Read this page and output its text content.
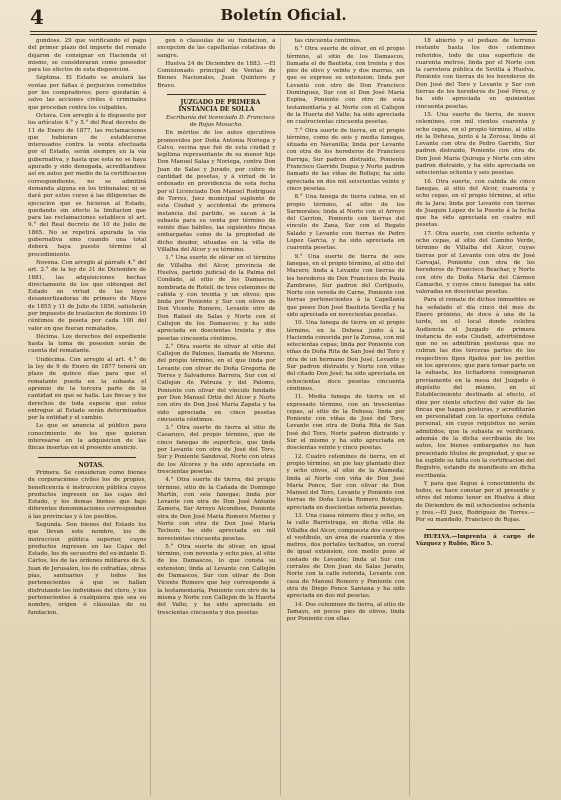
4	Boletín Oficial.

gundoss. 29 que verificando el pago del primer plazo del importe del remate dejaron de consignar en Hacienda el mismo, se consideraran como poseedor para los efectos de esta disposicion.

Séptima. El Estado se anulará las ventas por faltas ó perjuicios cometidos por los compradores; pero quedarán á salvo las acciones civiles ó criminales que procedan contra los culpables.

Octava. Con arreglo á lo dispuesto por los artículos 4.° y 5.° del Real decreto de 11 de Enero de 1877, las reclamaciones que hubieran de establecerse interesados contra la venta efectuada por el Estado, serán siempre en la vía gubernativa, y hasta que esta no se haya apurado y sido denegada, acreditandose así en autos por medio de la certificacion correspondiente, no se admitirá demanda alguna en los tribunales; ni se dará por estos curso á las diligencias de ejecucion que se hicieran al Estado, quedando sin efecto la limitacion que para las reclamaciones establece el art. 9.° del Real decreto de 10 de Julio de 1865. No se repetirá apurada la vía gubernativa sino cuando una total deberá haya puesto término al procedimiento.

Novena. Con arreglo al párrafo 4.° del art. 2.° de la ley de 31 de Diciembre de 1881, las adquisiciones hechas directamente de los que obtengan del Estado en virtud de las leyes desamortizadoras de primero de Mayo de 1855 y 11 de Julio de 1856, satisfarán por impuesto de traslacion de dominio 10 céntimos de peseta por cada 100 del valor en que fueran rematados.

Décima. Los derechos del expediente hasta la toma de posesion serán de cuenta del rematante.

Undécima. Con arreglo al art. 4.° de la ley de 9 de Enero de 1877 tenerá un plazo de quince días para que el rematante pueda en la subasta el apremio de la tercera parte de la cantidad en que se halla. Las fincas y los derechos de toda especie que estos entregue al Estado serán determinados por la entidad y el cambio.

Lo que se anuncia al público para conocimiento de los que quieran interesarse en la adquisicion de las fincas insertas en el presente anuncio.

NOTAS.

Primera. Se consideran como bienes de corporaciones civiles los de propios, beneficencia é instruccion pública cuyos productos ingresen en las cajas del Estado, y los demas bienes que bajo diferentes denominaciones corresponden á las provincias y á los pueblos.

Segunda. Son bienes del Estado los que llevan este nombre, los de instruccion pública superior, cuyos productos ingresen en las Cajas del Estado, los de secuestro del ex-infante D. Cárlos, los de las órdenes militares de S. Juan de Jerusalen, los de cofradías, obras pías, santuarios y todos los pertenecientes á que se hallan disfrutando los individuos del clero, y los pertenecientes á cualquiera que sea su nombre, origen ó cláusulas de su fundacion.

gen ó cláusulas de su fundacion, á excepcion de las capellanías colativas de sangre.

Huelva 24 de Diciembre de 1883. —El Comisionado principal de Ventas de Bienes Nacionales, Juan Quintero y Bravo.

JUZGADO DE PRIMERA INSTANCIA DE SOLLA

Escribanía del licenciado D. Francisco de Rojas Mosacho.

En méritos de los autos ejecutivos promovidos por Doña Antonia Noriega y Calvo, vecina que fué de esta ciudad y legítima representante de su menor hijo Don Manuel Salas y Noriega, contra Don Juan de Salas y Jurado, por cobro de cantidad de pesetas, y á virtud de lo ordenado en providencia de esta fecha por el Licenciado Don Manuel Rodriguez de Torres, Juez municipal suplente de esta Ciudad y accidental de primera instancia del partido, se sacan á la subasta para su venta por término de veinte días hábiles, las siguientes fincas embargadas como de la propiedad de dicho deudor, situadas en la villa de Villalba del Alcor y su término.

1.° Una suerte de olivar en el término de Villalba del Alcor, provincia de Huelva, partido judicial de la Palma del Condado, al sitio de los Damascos, nombrada de Rotell, de tres celemines de cabida y con treinta y un olivos; que linda por Poniente y Sur con olivos de Don Vicente Romero, Levante otro de Don Rafael de Salas y Norte con el Callejon de los Damascos; y ha sido apreciada en doscientas treinta y dos pesetas cincuenta céntimos.

2.° Otra suerte de olivar al sitio del Callejon de Palones, llamada de Moreno, del propio término, en el que linda por Levante con olivar de Doña Gregoria de Torres y Salvadores Barrera, Sur con el Callejon de Patruza y del Palomo, Poniente con olivar del vínculo fundado por Don Manuel Ortiz del Alcor y Norte con otro de Don José María Zapata y ha sido apreciada en cinco pesetas cincuenta céntimos.

3.° Otra suerte de tierra al sitio de Casaruyo, del propio término, que de cinco fanegas de superficie, que linda por Levante con otra de José del Toro, Sur y Poniente Sandoval, Norte con otras de los Alcores y ha sido apreciada en trescientas pesetas.

4.° Otra suerte de tierra, del propio término, sitio de la Cañada de Domingo Martin, con seis fanegas; linda por Levante con otra de Don José Antonio Zamora, Sur Arroyo Alcondose, Poniente otra de Don José María Romero Merino y Norte con otra de Don José María Tecleon; ha sido apreciada en mil novecientas cincuenta pesetas.

5.° Otra suerte de olivar, en igual término, con noventa y ocho pies, al sitio de los Damascos, lo que consta su extension; linda al Levante con Callejón de Damascos, Sur con olivar de Don Vicente Romero que hoy corresponde á la testamentaría, Poniente con otro de la misma y Norte con Callejon de la Huerta del Valle; y ha sido apreciada en trescientas cincuenta y dos pesetas

tas cincuenta céntimos.

6.° Otra suerte de olivar, en el propio término, al sitio de los Damascos, llamada el de Bautista, con treinta y dos pies de olivo y veinte y dos marras, sin que se exprese su extension; linda por Levante con otro de Don Francisco Dominguez, Sur con el Don José María Espina, Poniente con otro de esta testamentaría y al Norte con el Callejon de la Huerta del Valle; ha sido apreciada en cuatrocientas cincuenta pesetas.

7.° Otra suerte de tierra, en el propio término, como de seis y media fanegas, situada en Navanilla; linda por Levante con otra de los herederos de Francisco Barriga, Sur padron distraido, Poniente Francisco Garrido Duque y Norte padron llamado de las viñas de Rolleje; ha sido apreciada en dos mil seiscientas veinte y cinco pesetas.

8.° Una fanega de tierra calma, en el propio término, al sitio de los Sarmorales; linda al Norte con el Arroyo del Carrion, Poniente con tierras del vínculo de Zana, Sur con el Regato Salado y Levante con tierras de Pedro Lopez Garcia, y ha sido apreciada en cuarenta pesetas.

9.° Una suerte de tierra de seis fanegas, en el propio término, al sitio del Macero; linda á Levante con tierras de los herederos de Don Francisco de Paula Zambrano, Sur padron del Cortijuelo, Norte con vereda de Carne, Poniente con tierras pertenecientes á la Capellanía que posee Don José Bautista Sevilla y ha sido apreciada en novecientas pesetas.

10. Una fanega de tierra en el propio término, en la Dehesa junto á la Hacienda conocida por la Zorosa, con mil setecientas cepas; linda por Poniente con viñas de Doña Rita de San José del Toro y otra de un hermano Don José, Levante y Sur padron distraido y Norte con viñas del citado Don José; ha sido apreciada en ochocientas doce pesetas cincuenta céntimos.

11. Media fanega de tierra en el expresado término, con un trescientas cepas, al sitio de la Dehesa; linda por Poniente con viñas de José del Toro, Levante con otra de Doña Rita de San José del Toro, Norte padron distraido y Sur el mismo y ha sido apreciada en doscientas veinte y cinco pesetas.

12. Cuatro celemines de tierra, en el propio término, en pie hay plantado diez y ocho olivos, al sitio de la Alameda; linda al Norte con viña de Don José María Ponce, Sur con olivar de Don Manuel del Toro, Levante y Poniente con tierras de Doña Lucía Romero Botejon, apreciada en doscientas setenta pesetas.

13. Una cuasa número diez y ocho, en la calle Barristraga, en dicha villa de Villalba del Alcor, compuesta dos cuerpos el vestíbulo, un área de cuarenta y dos metros, dos portales techados, un corral de igual extension, con medio pozo al costado de Levante; linda al Sur con corrales de Don Juan de Salas Jurado, Norte con la calle referida, Levante con casa de Manuel Romero y Poniente con otra de Diego Ponce Santana y ha sido apreciada en dos mil pesetas.

14. Dos celemines de tierra, al sitio de Tamayo, en pocos pies de olivos; linda por Poniente con ellas

18 abierto y el pedazo de terreno restante hasta los dos celemines referidos, todo de una superficie de cuarenta metros; linda por el Norte con la carretera pública de Sevilla á Huelva, Poniente con tierras de los herederos de Don José del Toro y Levante y Sur con tierras de los herederos de José Pérez, y ha sido apreciada en quinientas cincuenta pesetas.

15. Una suerte de tierra, de nueve celemines, con mil cientos cuarenta y ocho cepas, en el propio término, al sitio de la Dehesa, junto á la Zorosa; linda al Levante con otra de Pedro Garrido, Sur padron distraido, Poniente con otra de Don José María Quiroga y Norte con otro padron distraido, y ha sido apreciada en setecientas ochenta y seis pesetas.

16. Otra suerte, con cabida de cinco fanegas, al sitio del Alcor, cuarenta y ocho cepas, en el propio término, al sitio de la Jara; linda por Levante con tierras de Joaquin Lopez de la Puente á la fecha que ha sido apreciada en cuatro mil pesetas.

17. Otra suerte, con ciento ochenta y ocho cepas, al sitio del Camino Verde, término de Villalba del Alcor, cuyas tierras por el Levante con otra de José Carvajal, Poniente con otra de los herederos de Francisco Beachar, y Norte con otro de Doña María del Cármen Camacho, y cuyos cinco fanegas ha sido valoradas en doscientas pesetas.

Para el remate de dichos inmuebles se ha señalado el día cinco del mes de Enero próximo, de doce á una de la tarde, en el local donde celebra Audiencia el Juzgado de primera instancia de esta Ciudad, advirtiéndose que no se admitirán posturas que no cubran las dos terceras partes de los respectivos tipos fijados por los peritos en los apreceos; que para tomar parte en la subasta, los licitadores consignaran previamente en la mesa del Juzgado ó depósito del mismo, en el Establecimiento destinado al efecto, el diez por ciento efectivo del valor de las fincas que hagan posturas, y acreditarán en personalidad con la oportuna cédula personal, sin cuyos requisitos no serán admitidos; que la subasta se verificará, además de la dicha escribanía de los autos, los bienes embargados no han presentado títulos de propiedad, y que se ha suplido su falta con la certificacion del Registro, estando de manifiesto en dicha escribanía.

Y para que llegue á conocimiento de todos, se hace constar por el presente y otros del mismo tenor en Huelva á diez de Diciembre de mil ochocientos ochenta y tres.—El Juez, Rodríguez de Torres.—Por su mandado, Francisco de Rojas.

HUELVA.—Imprenta á cargo de Vázquez y Rubio, Rico 5.
